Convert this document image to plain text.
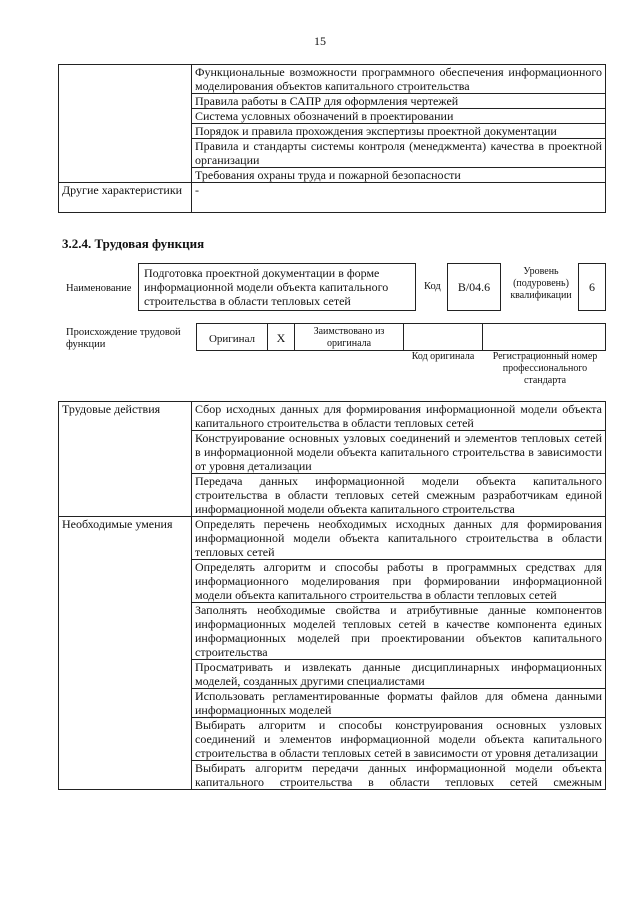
15
	Функциональные возможности программного обеспечения информационного моделирования объектов капитального строительства
	Правила работы в САПР для оформления чертежей
	Система условных обозначений в проектировании
	Порядок и правила прохождения экспертизы проектной документации
	Правила и стандарты системы контроля (менеджмента) качества в проектной организации
	Требования охраны труда и пожарной безопасности
Другие характеристики	-
3.2.4. Трудовая функция
Наименование
Подготовка проектной документации в форме информационной модели объекта капитального строительства в области тепловых сетей
Код	В/04.6
Уровень (подуровень) квалификации
6
Происхождение трудовой функции	Оригинал	X	Заимствовано из оригинала
Код оригинала	Регистрационный номер профессионального стандарта
Трудовые действия	Сбор исходных данных для формирования информационной модели объекта капитального строительства в области тепловых сетей
	Конструирование основных узловых соединений и элементов тепловых сетей в информационной модели объекта капитального строительства в зависимости от уровня детализации
	Передача данных информационной модели объекта капитального строительства в области тепловых сетей смежным разработчикам единой информационной модели объекта капитального строительства
Необходимые умения	Определять перечень необходимых исходных данных для формирования информационной модели объекта капитального строительства в области тепловых сетей
	Определять алгоритм и способы работы в программных средствах для информационного моделирования при формировании информационной модели объекта капитального строительства в области тепловых сетей
	Заполнять необходимые свойства и атрибутивные данные компонентов информационных моделей тепловых сетей в качестве компонента единых информационных моделей при проектировании объектов капитального строительства
	Просматривать и извлекать данные дисциплинарных информационных моделей, созданных другими специалистами
	Использовать регламентированные форматы файлов для обмена данными информационных моделей
	Выбирать алгоритм и способы конструирования основных узловых соединений и элементов информационной модели объекта капитального строительства в области тепловых сетей в зависимости от уровня детализации
	Выбирать алгоритм передачи данных информационной модели объекта капитального строительства в области тепловых сетей смежным
